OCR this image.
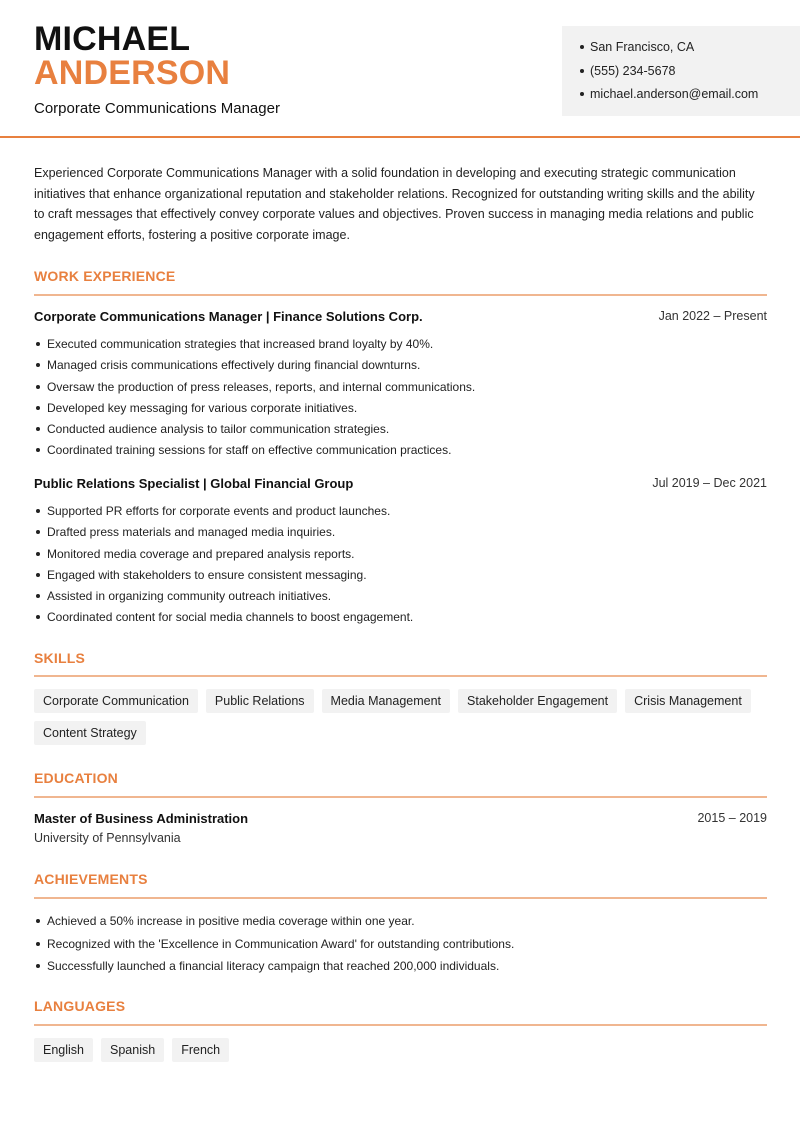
MICHAEL
ANDERSON
Corporate Communications Manager
San Francisco, CA
(555) 234-5678
michael.anderson@email.com

Experienced Corporate Communications Manager with a solid foundation in developing and executing strategic communication initiatives that enhance organizational reputation and stakeholder relations. Recognized for outstanding writing skills and the ability to craft messages that effectively convey corporate values and objectives. Proven success in managing media relations and public engagement efforts, fostering a positive corporate image.

WORK EXPERIENCE
Corporate Communications Manager | Finance Solutions Corp.	Jan 2022 – Present
Executed communication strategies that increased brand loyalty by 40%.
Managed crisis communications effectively during financial downturns.
Oversaw the production of press releases, reports, and internal communications.
Developed key messaging for various corporate initiatives.
Conducted audience analysis to tailor communication strategies.
Coordinated training sessions for staff on effective communication practices.
Public Relations Specialist | Global Financial Group	Jul 2019 – Dec 2021
Supported PR efforts for corporate events and product launches.
Drafted press materials and managed media inquiries.
Monitored media coverage and prepared analysis reports.
Engaged with stakeholders to ensure consistent messaging.
Assisted in organizing community outreach initiatives.
Coordinated content for social media channels to boost engagement.
SKILLS
Corporate Communication	Public Relations	Media Management	Stakeholder Engagement	Crisis Management
Content Strategy
EDUCATION
Master of Business Administration	2015 – 2019
University of Pennsylvania
ACHIEVEMENTS
Achieved a 50% increase in positive media coverage within one year.
Recognized with the 'Excellence in Communication Award' for outstanding contributions.
Successfully launched a financial literacy campaign that reached 200,000 individuals.
LANGUAGES
English	Spanish	French
